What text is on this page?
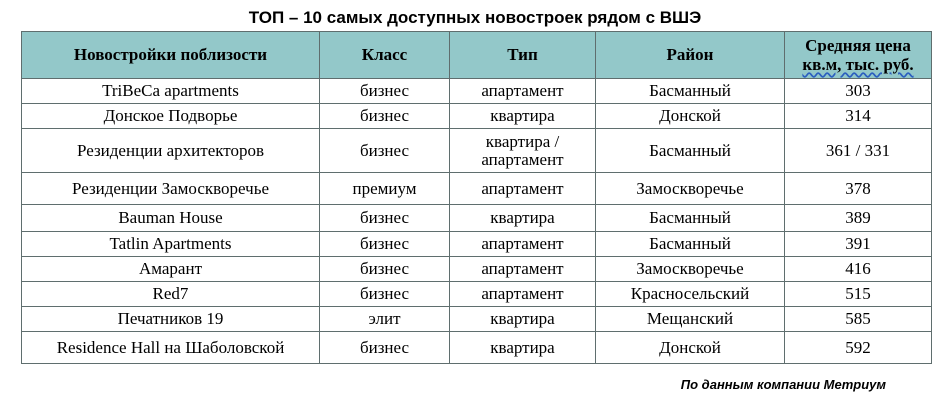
ТОП – 10 самых доступных новостроек рядом с ВШЭ
Новостройки поблизости	Класс	Тип	Район	Средняя цена
кв.м, тыс. руб.

TriBeCa apartments	бизнес	апартамент	Басманный	303
Донское Подворье	бизнес	квартира	Донской	314
Резиденции архитекторов	бизнес	квартира / апартамент	Басманный	361 / 331
Резиденции Замоскворечье	премиум	апартамент	Замоскворечье	378
Bauman House	бизнес	квартира	Басманный	389
Tatlin Apartments	бизнес	апартамент	Басманный	391
Амарант	бизнес	апартамент	Замоскворечье	416
Red7	бизнес	апартамент	Красносельский	515
Печатников 19	элит	квартира	Мещанский	585
Residence Hall на Шаболовской	бизнес	квартира	Донской	592
По данным компании Метриум
